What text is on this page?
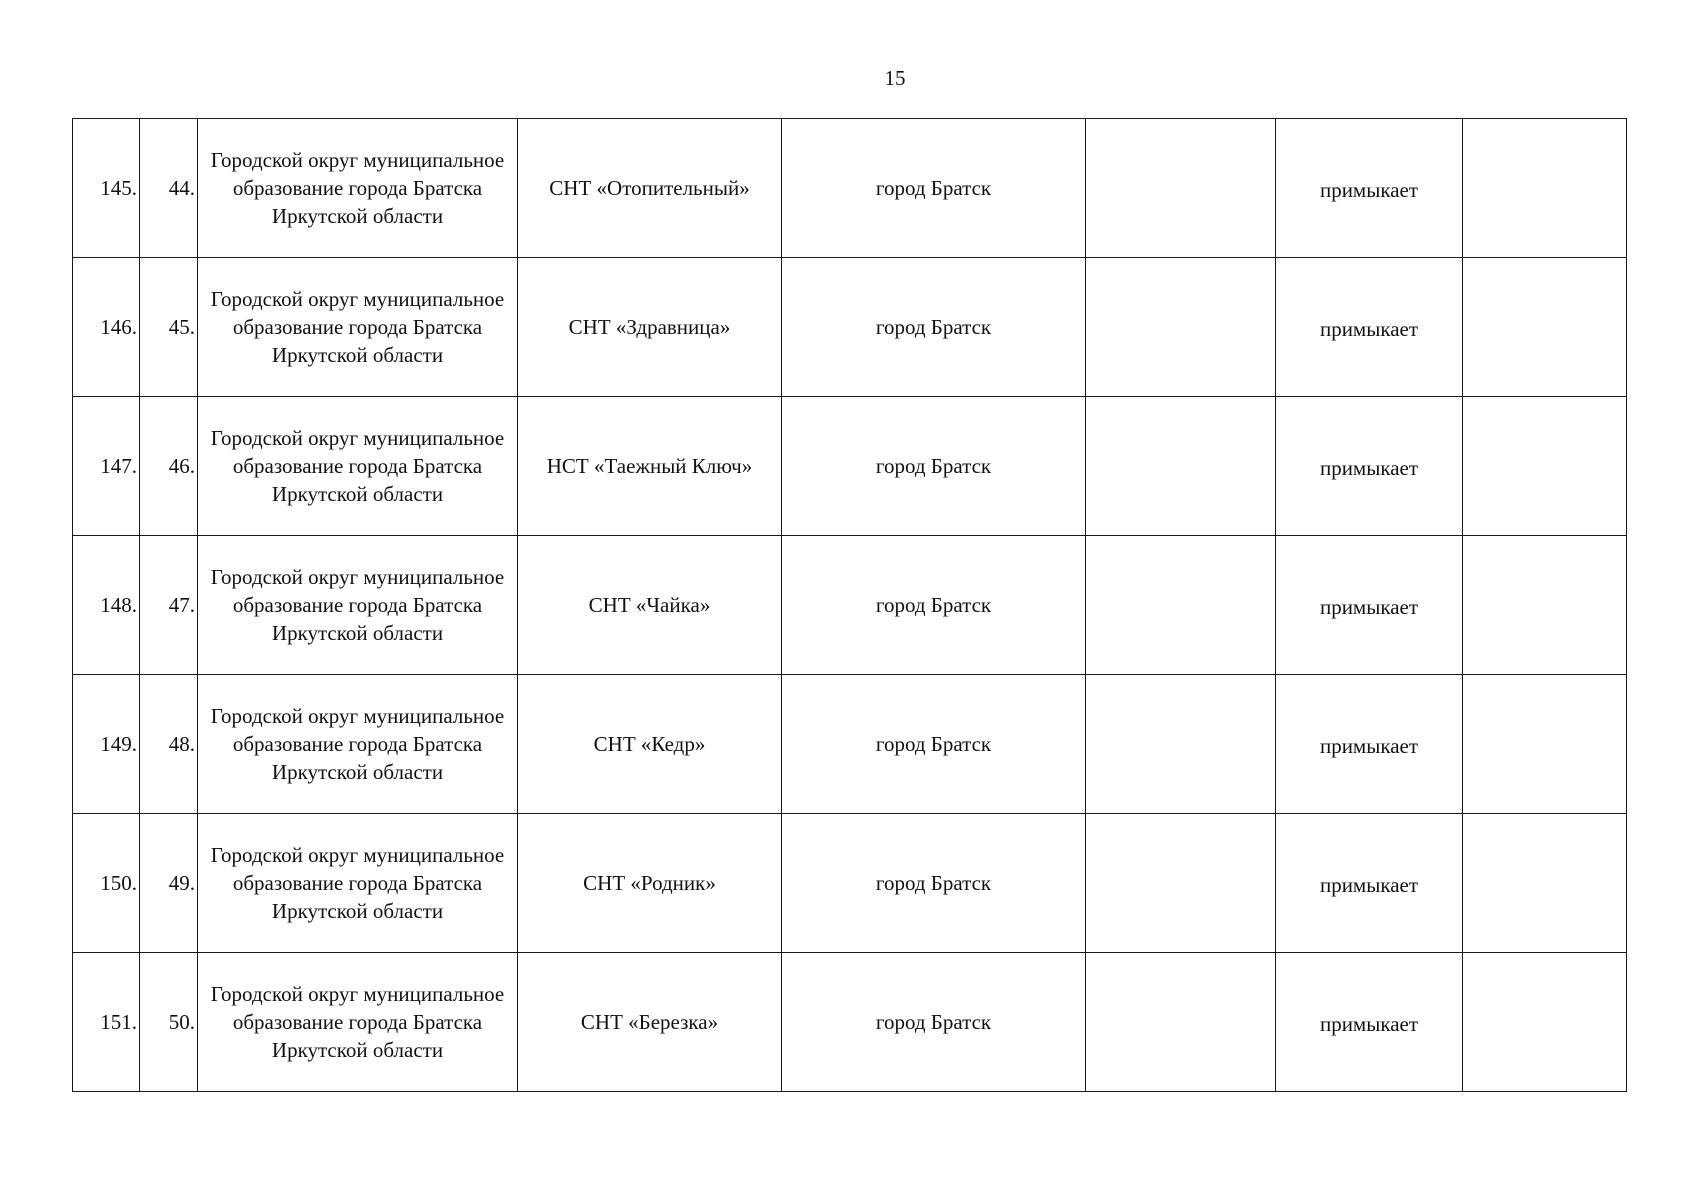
15
145.	44.	Городской округ муниципальное образование города Братска Иркутской области	СНТ «Отопительный»	город Братск		примыкает	
146.	45.	Городской округ муниципальное образование города Братска Иркутской области	СНТ «Здравница»	город Братск		примыкает	
147.	46.	Городской округ муниципальное образование города Братска Иркутской области	НСТ «Таежный Ключ»	город Братск		примыкает	
148.	47.	Городской округ муниципальное образование города Братска Иркутской области	СНТ «Чайка»	город Братск		примыкает	
149.	48.	Городской округ муниципальное образование города Братска Иркутской области	СНТ «Кедр»	город Братск		примыкает	
150.	49.	Городской округ муниципальное образование города Братска Иркутской области	СНТ «Родник»	город Братск		примыкает	
151.	50.	Городской округ муниципальное образование города Братска Иркутской области	СНТ «Березка»	город Братск		примыкает	
